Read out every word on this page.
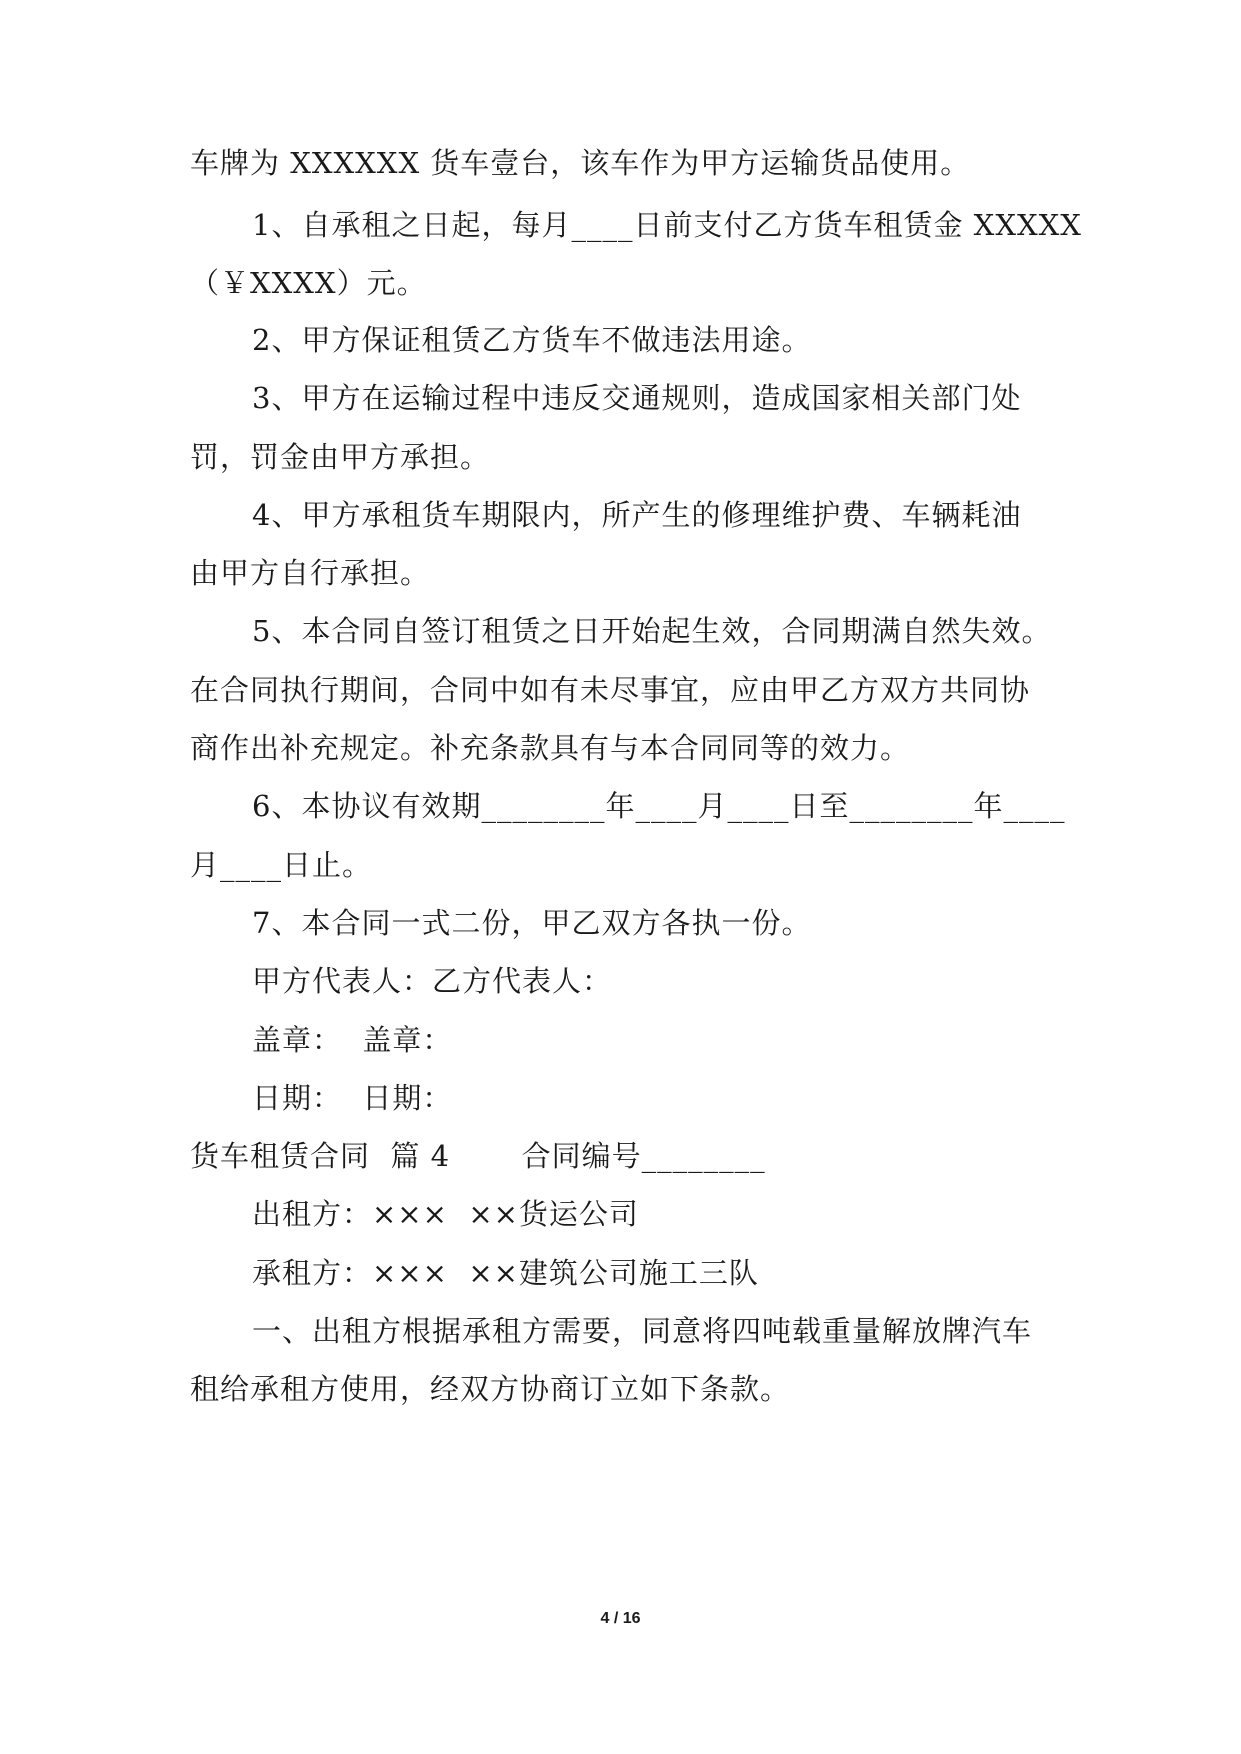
车牌为 XXXXXX 货车壹台，该车作为甲方运输货品使用。
1、自承租之日起，每月____日前支付乙方货车租赁金 XXXXX
（￥XXXX）元。
2、甲方保证租赁乙方货车不做违法用途。
3、甲方在运输过程中违反交通规则，造成国家相关部门处
罚，罚金由甲方承担。
4、甲方承租货车期限内，所产生的修理维护费、车辆耗油
由甲方自行承担。
5、本合同自签订租赁之日开始起生效，合同期满自然失效。
在合同执行期间，合同中如有未尽事宜，应由甲乙方双方共同协
商作出补充规定。补充条款具有与本合同同等的效力。
6、本协议有效期________年____月____日至________年____
月____日止。
7、本合同一式二份，甲乙双方各执一份。
甲方代表人：乙方代表人：
盖章：  盖章：
日期：  日期：
货车租赁合同  篇 4       合同编号________
出租方：×××  ××货运公司
承租方：×××  ××建筑公司施工三队
一、出租方根据承租方需要，同意将四吨载重量解放牌汽车
租给承租方使用，经双方协商订立如下条款。
4 / 16
